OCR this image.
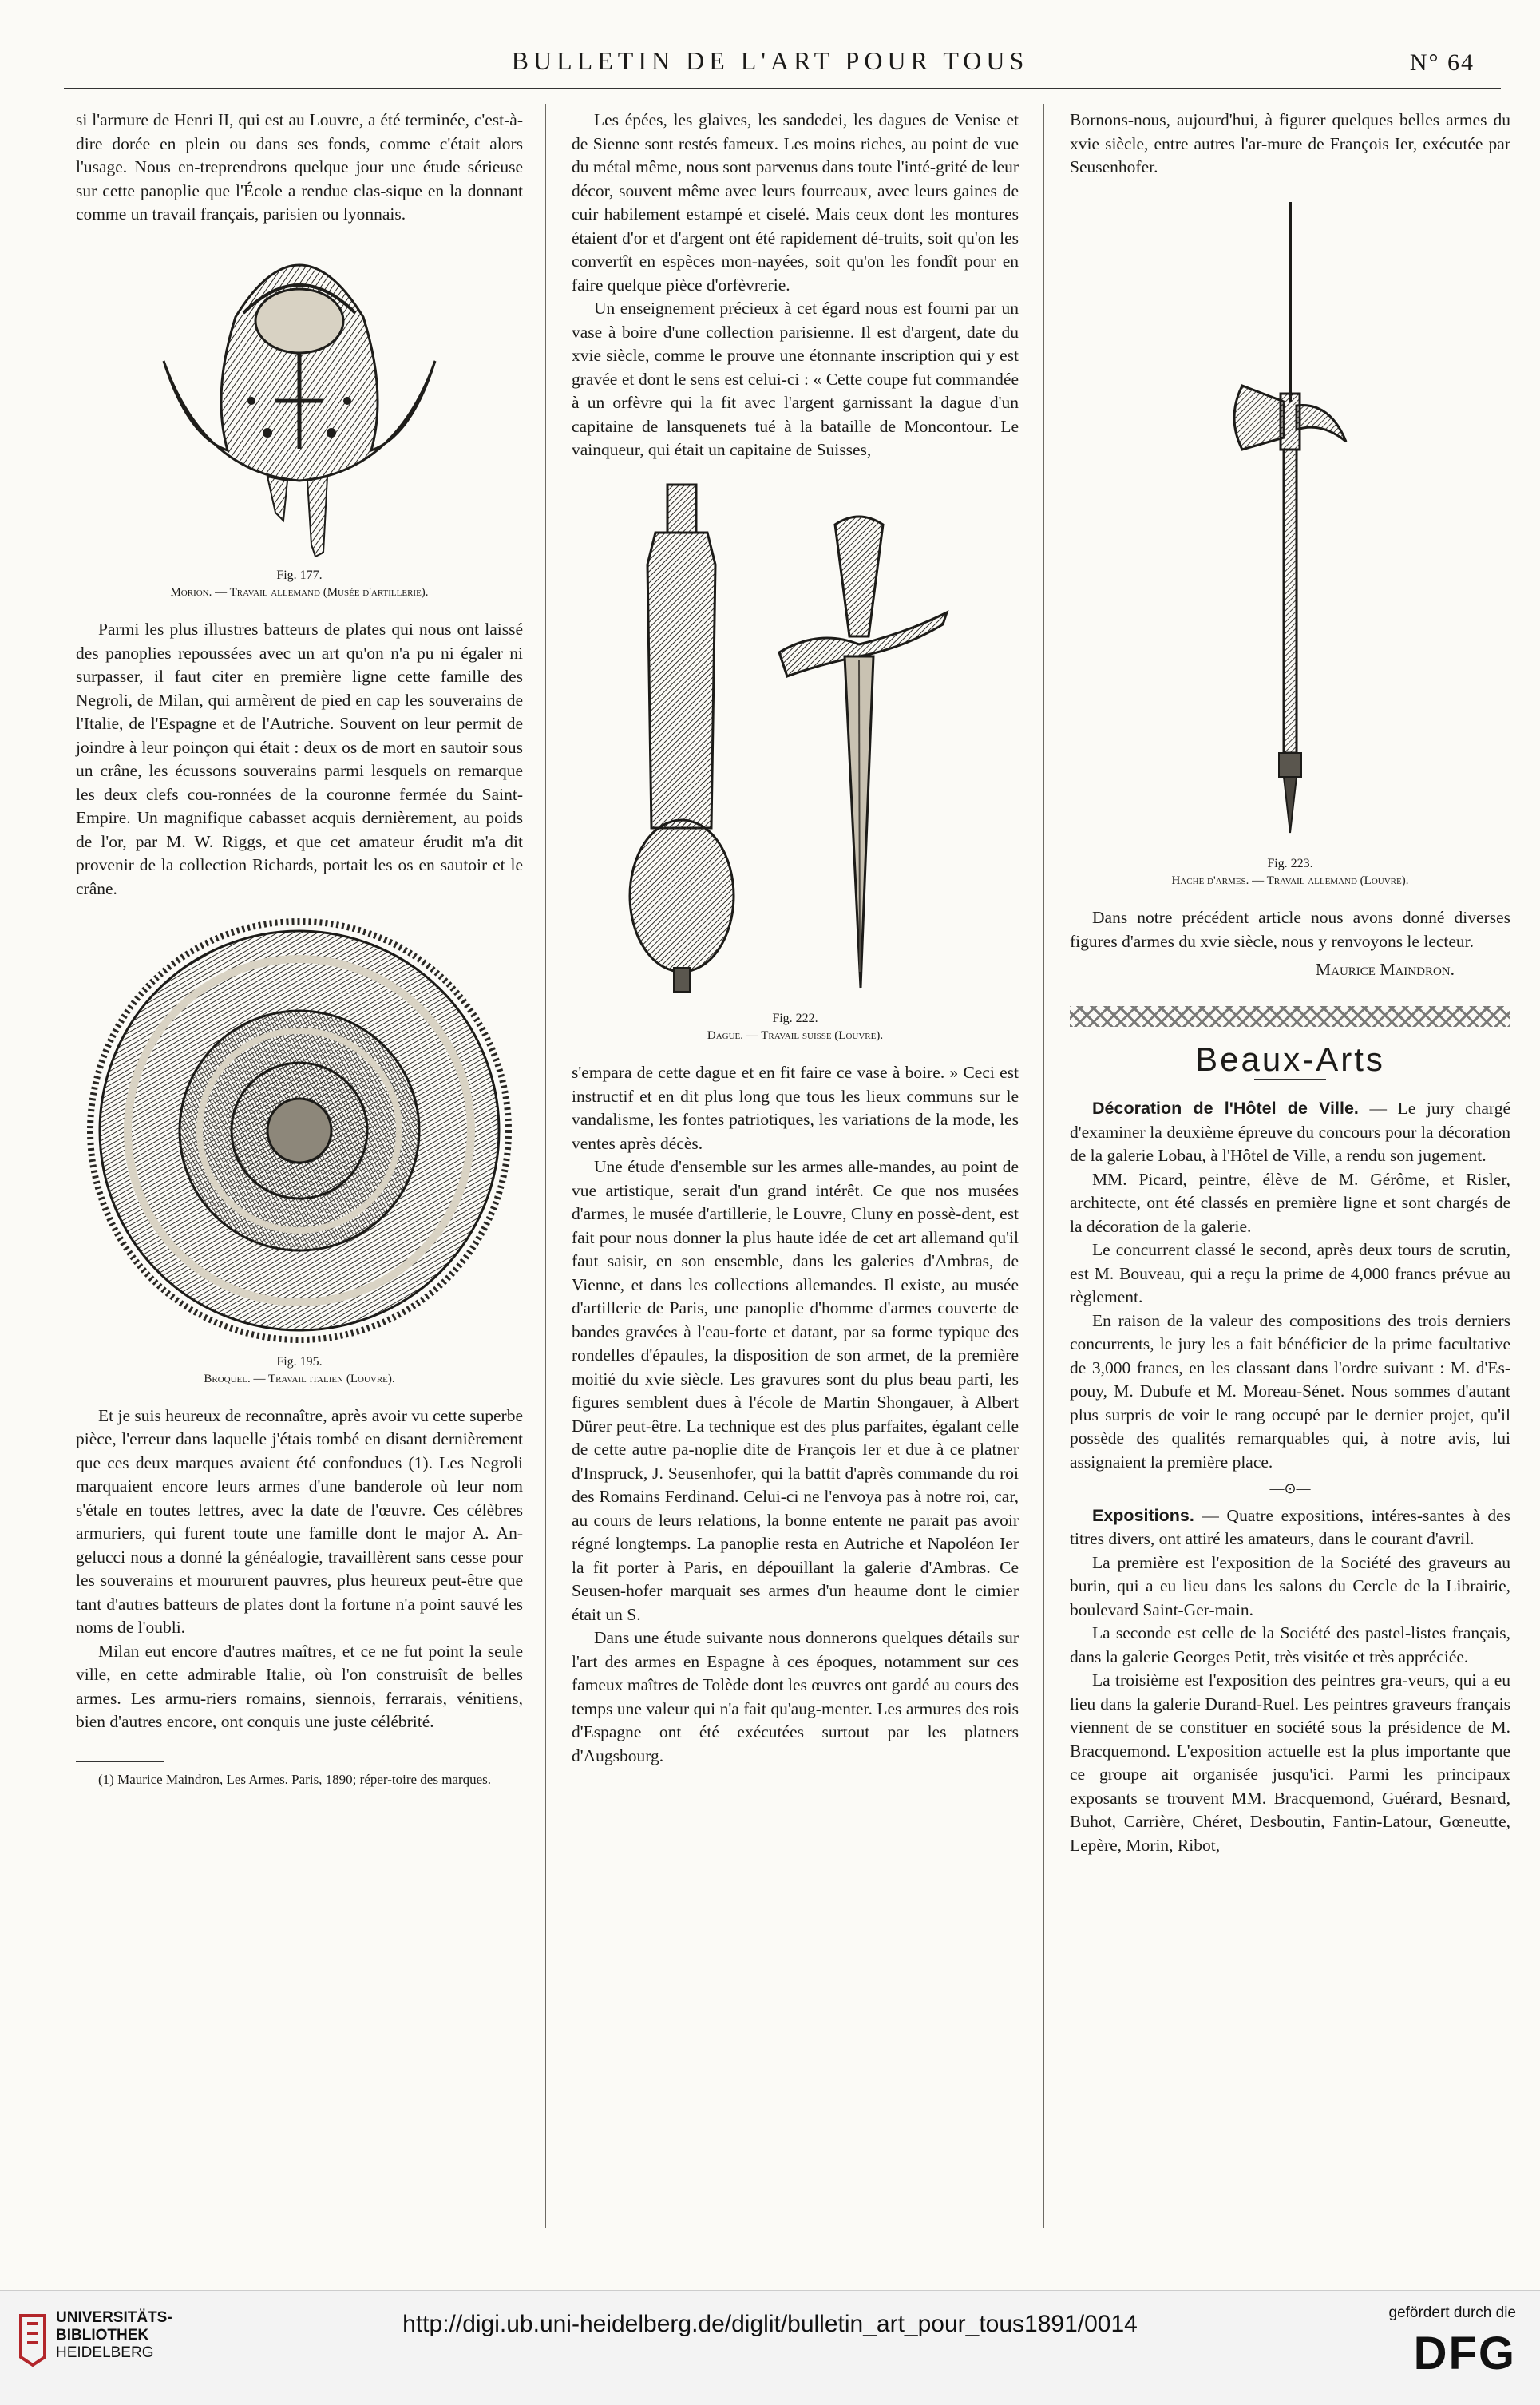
BULLETIN DE L'ART POUR TOUS	N° 64

si l'armure de Henri II, qui est au Louvre, a été terminée, c'est-à-dire dorée en plein ou dans ses fonds, comme c'était alors l'usage. Nous en-treprendrons quelque jour une étude sérieuse sur cette panoplie que l'École a rendue clas-sique en la donnant comme un travail français, parisien ou lyonnais.

Fig. 177.
Morion. — Travail allemand (Musée d'artillerie).

Parmi les plus illustres batteurs de plates qui nous ont laissé des panoplies repoussées avec un art qu'on n'a pu ni égaler ni surpasser, il faut citer en première ligne cette famille des Negroli, de Milan, qui armèrent de pied en cap les souverains de l'Italie, de l'Espagne et de l'Autriche. Souvent on leur permit de joindre à leur poinçon qui était : deux os de mort en sautoir sous un crâne, les écussons souverains parmi lesquels on remarque les deux clefs cou-ronnées de la couronne fermée du Saint-Empire. Un magnifique cabasset acquis dernièrement, au poids de l'or, par M. W. Riggs, et que cet amateur érudit m'a dit provenir de la collection Richards, portait les os en sautoir et le crâne.

Fig. 195.
Broquel. — Travail italien (Louvre).

Et je suis heureux de reconnaître, après avoir vu cette superbe pièce, l'erreur dans laquelle j'étais tombé en disant dernièrement que ces deux marques avaient été confondues (1). Les Negroli marquaient encore leurs armes d'une banderole où leur nom s'étale en toutes lettres, avec la date de l'œuvre. Ces célèbres armuriers, qui furent toute une famille dont le major A. An-gelucci nous a donné la généalogie, travaillèrent sans cesse pour les souverains et moururent pauvres, plus heureux peut-être que tant d'autres batteurs de plates dont la fortune n'a point sauvé les noms de l'oubli.

Milan eut encore d'autres maîtres, et ce ne fut point la seule ville, en cette admirable Italie, où l'on construisît de belles armes. Les armu-riers romains, siennois, ferrarais, vénitiens, bien d'autres encore, ont conquis une juste célébrité.

(1) Maurice Maindron, Les Armes. Paris, 1890; réper-toire des marques.

Les épées, les glaives, les sandedei, les dagues de Venise et de Sienne sont restés fameux. Les moins riches, au point de vue du métal même, nous sont parvenus dans toute l'inté-grité de leur décor, souvent même avec leurs fourreaux, avec leurs gaines de cuir habilement estampé et ciselé. Mais ceux dont les montures étaient d'or et d'argent ont été rapidement dé-truits, soit qu'on les convertît en espèces mon-nayées, soit qu'on les fondît pour en faire quelque pièce d'orfèvrerie.

Un enseignement précieux à cet égard nous est fourni par un vase à boire d'une collection parisienne. Il est d'argent, date du xvie siècle, comme le prouve une étonnante inscription qui y est gravée et dont le sens est celui-ci : « Cette coupe fut commandée à un orfèvre qui la fit avec l'argent garnissant la dague d'un capitaine de lansquenets tué à la bataille de Moncontour. Le vainqueur, qui était un capitaine de Suisses,

Fig. 222.
Dague. — Travail suisse (Louvre).

s'empara de cette dague et en fit faire ce vase à boire. » Ceci est instructif et en dit plus long que tous les lieux communs sur le vandalisme, les fontes patriotiques, les variations de la mode, les ventes après décès.

Une étude d'ensemble sur les armes alle-mandes, au point de vue artistique, serait d'un grand intérêt. Ce que nos musées d'armes, le musée d'artillerie, le Louvre, Cluny en possè-dent, est fait pour nous donner la plus haute idée de cet art allemand qu'il faut saisir, en son ensemble, dans les galeries d'Ambras, de Vienne, et dans les collections allemandes. Il existe, au musée d'artillerie de Paris, une panoplie d'homme d'armes couverte de bandes gravées à l'eau-forte et datant, par sa forme typique des rondelles d'épaules, la disposition de son armet, de la première moitié du xvie siècle. Les gravures sont du plus beau parti, les figures semblent dues à l'école de Martin Shongauer, à Albert Dürer peut-être. La technique est des plus parfaites, égalant celle de cette autre pa-noplie dite de François Ier et due à ce platner d'Inspruck, J. Seusenhofer, qui la battit d'après commande du roi des Romains Ferdinand. Celui-ci ne l'envoya pas à notre roi, car, au cours de leurs relations, la bonne entente ne parait pas avoir régné longtemps. La panoplie resta en Autriche et Napoléon Ier la fit porter à Paris, en dépouillant la galerie d'Ambras. Ce Seusen-hofer marquait ses armes d'un heaume dont le cimier était un S.

Dans une étude suivante nous donnerons quelques détails sur l'art des armes en Espagne à ces époques, notamment sur ces fameux maîtres de Tolède dont les œuvres ont gardé au cours des temps une valeur qui n'a fait qu'aug-menter. Les armures des rois d'Espagne ont été exécutées surtout par les platners d'Augsbourg.

Bornons-nous, aujourd'hui, à figurer quelques belles armes du xvie siècle, entre autres l'ar-mure de François Ier, exécutée par Seusenhofer.

Fig. 223.
Hache d'armes. — Travail allemand (Louvre).

Dans notre précédent article nous avons donné diverses figures d'armes du xvie siècle, nous y renvoyons le lecteur.

Maurice Maindron.
Beaux-Arts

Décoration de l'Hôtel de Ville. — Le jury chargé d'examiner la deuxième épreuve du concours pour la décoration de la galerie Lobau, à l'Hôtel de Ville, a rendu son jugement.

MM. Picard, peintre, élève de M. Gérôme, et Risler, architecte, ont été classés en première ligne et sont chargés de la décoration de la galerie.

Le concurrent classé le second, après deux tours de scrutin, est M. Bouveau, qui a reçu la prime de 4,000 francs prévue au règlement.

En raison de la valeur des compositions des trois derniers concurrents, le jury les a fait bénéficier de la prime facultative de 3,000 francs, en les classant dans l'ordre suivant : M. d'Es-pouy, M. Dubufe et M. Moreau-Sénet. Nous sommes d'autant plus surpris de voir le rang occupé par le dernier projet, qu'il possède des qualités remarquables qui, à notre avis, lui assignaient la première place.

—⊙—

Expositions. — Quatre expositions, intéres-santes à des titres divers, ont attiré les amateurs, dans le courant d'avril.

La première est l'exposition de la Société des graveurs au burin, qui a eu lieu dans les salons du Cercle de la Librairie, boulevard Saint-Ger-main.

La seconde est celle de la Société des pastel-listes français, dans la galerie Georges Petit, très visitée et très appréciée.

La troisième est l'exposition des peintres gra-veurs, qui a eu lieu dans la galerie Durand-Ruel. Les peintres graveurs français viennent de se constituer en société sous la présidence de M. Bracquemond. L'exposition actuelle est la plus importante que ce groupe ait organisée jusqu'ici. Parmi les principaux exposants se trouvent MM. Bracquemond, Guérard, Besnard, Buhot, Carrière, Chéret, Desboutin, Fantin-Latour, Gœneutte, Lepère, Morin, Ribot,

UNIVERSITÄTS-
BIBLIOTHEK
HEIDELBERG
http://digi.ub.uni-heidelberg.de/diglit/bulletin_art_pour_tous1891/0014	gefördert durch die
DFG
